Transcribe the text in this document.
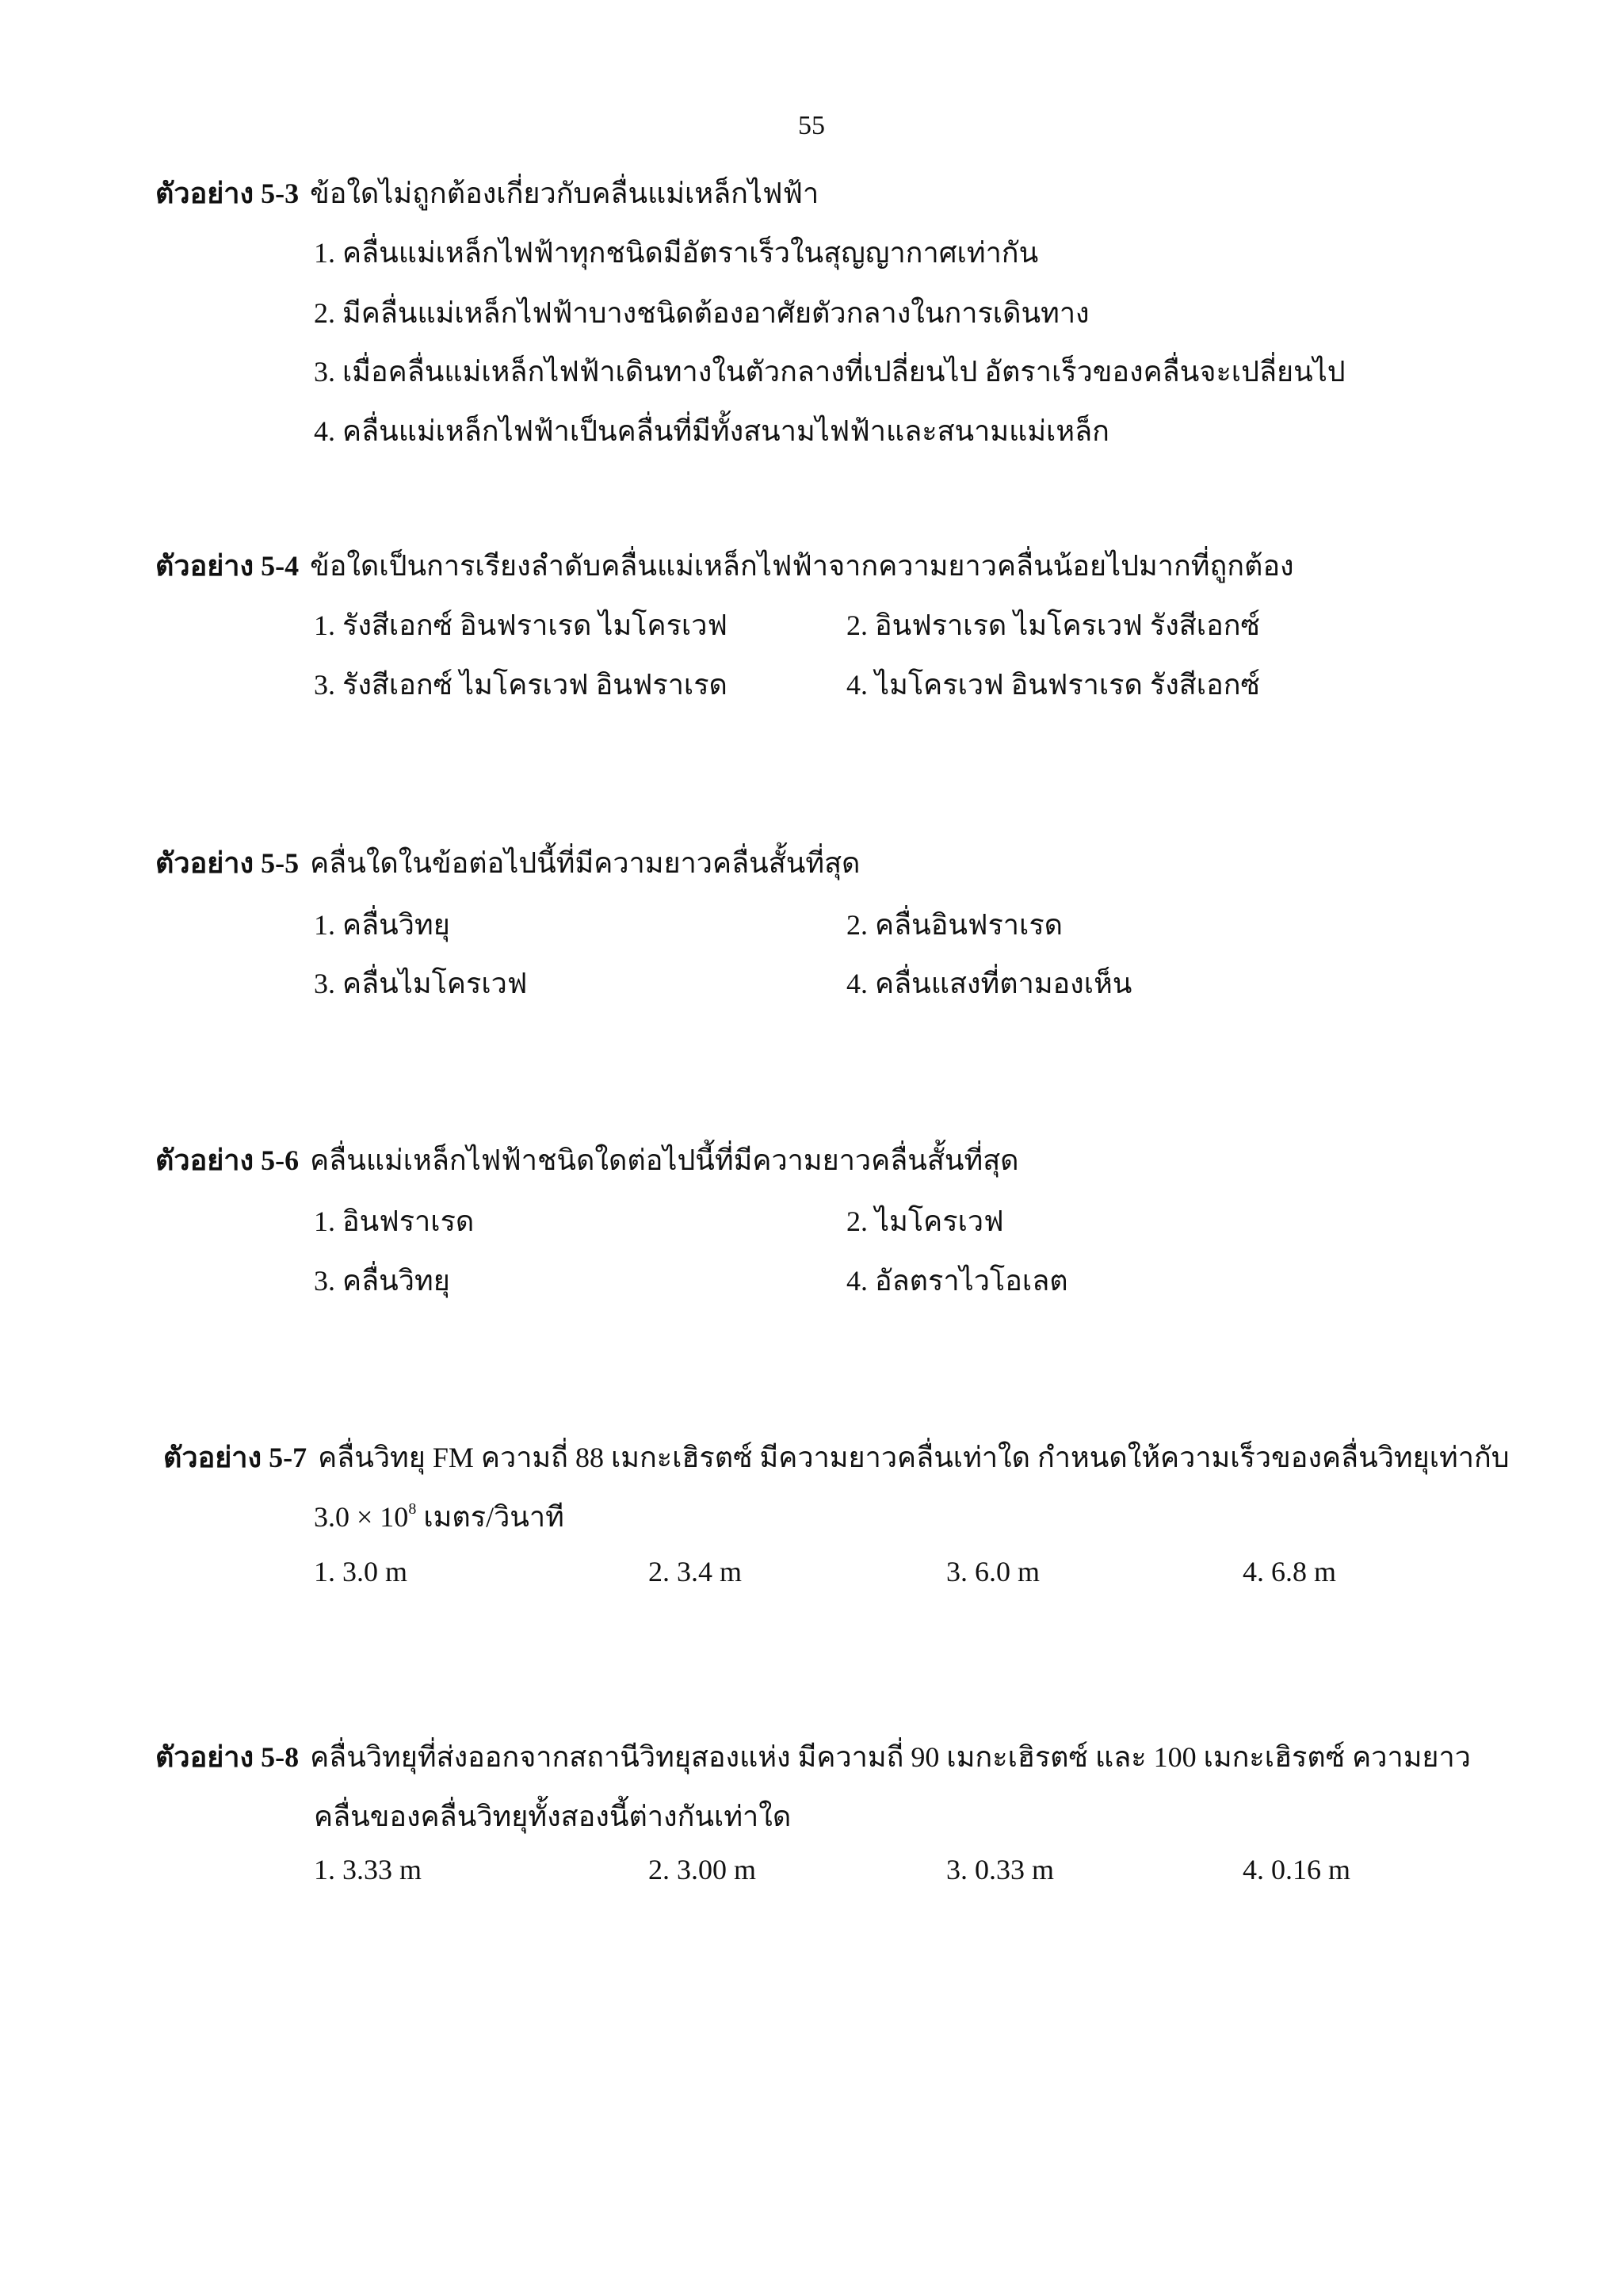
55
ตัวอย่าง 5-3 ข้อใดไม่ถูกต้องเกี่ยวกับคลื่นแม่เหล็กไฟฟ้า
1. คลื่นแม่เหล็กไฟฟ้าทุกชนิดมีอัตราเร็วในสุญญากาศเท่ากัน
2. มีคลื่นแม่เหล็กไฟฟ้าบางชนิดต้องอาศัยตัวกลางในการเดินทาง
3. เมื่อคลื่นแม่เหล็กไฟฟ้าเดินทางในตัวกลางที่เปลี่ยนไป อัตราเร็วของคลื่นจะเปลี่ยนไป
4. คลื่นแม่เหล็กไฟฟ้าเป็นคลื่นที่มีทั้งสนามไฟฟ้าและสนามแม่เหล็ก
ตัวอย่าง 5-4 ข้อใดเป็นการเรียงลำดับคลื่นแม่เหล็กไฟฟ้าจากความยาวคลื่นน้อยไปมากที่ถูกต้อง
1. รังสีเอกซ์ อินฟราเรด ไมโครเวฟ	2. อินฟราเรด ไมโครเวฟ รังสีเอกซ์
3. รังสีเอกซ์ ไมโครเวฟ อินฟราเรด	4. ไมโครเวฟ อินฟราเรด รังสีเอกซ์
ตัวอย่าง 5-5 คลื่นใดในข้อต่อไปนี้ที่มีความยาวคลื่นสั้นที่สุด
1. คลื่นวิทยุ	2. คลื่นอินฟราเรด
3. คลื่นไมโครเวฟ	4. คลื่นแสงที่ตามองเห็น
ตัวอย่าง 5-6 คลื่นแม่เหล็กไฟฟ้าชนิดใดต่อไปนี้ที่มีความยาวคลื่นสั้นที่สุด
1. อินฟราเรด	2. ไมโครเวฟ
3. คลื่นวิทยุ	4. อัลตราไวโอเลต
ตัวอย่าง 5-7 คลื่นวิทยุ FM ความถี่ 88 เมกะเฮิรตซ์ มีความยาวคลื่นเท่าใด กำหนดให้ความเร็วของคลื่นวิทยุเท่ากับ
$3.0 \times 10^8$ เมตร/วินาที
1. 3.0 m	2. 3.4 m	3. 6.0 m	4. 6.8 m
ตัวอย่าง 5-8 คลื่นวิทยุที่ส่งออกจากสถานีวิทยุสองแห่ง มีความถี่ 90 เมกะเฮิรตซ์ และ 100 เมกะเฮิรตซ์ ความยาว
คลื่นของคลื่นวิทยุทั้งสองนี้ต่างกันเท่าใด
1. 3.33 m	2. 3.00 m	3. 0.33 m	4. 0.16 m
